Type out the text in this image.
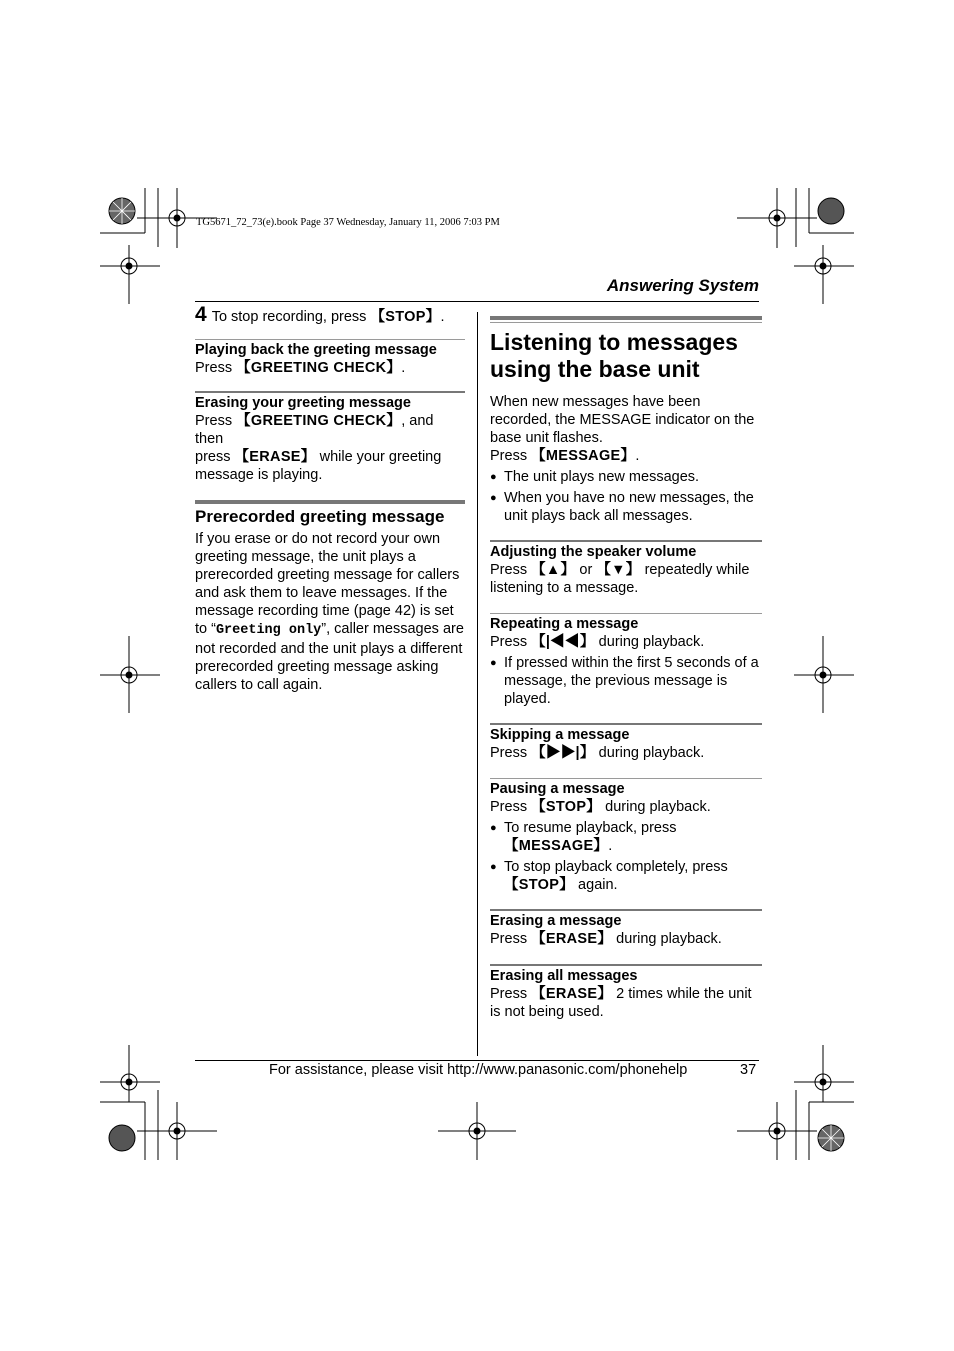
TG5671_72_73(e).book Page 37 Wednesday, January 11, 2006 7:03 PM
Answering System

4 To stop recording, press 【STOP】.

Playing back the greeting message

Press 【GREETING CHECK】.

Erasing your greeting message

Press 【GREETING CHECK】, and then
press 【ERASE】 while your greeting
message is playing.

Prerecorded greeting message

If you erase or do not record your own greeting message, the unit plays a prerecorded greeting message for callers and ask them to leave messages. If the message recording time (page 42) is set to “Greeting only”, caller messages are not recorded and the unit plays a different prerecorded greeting message asking callers to call again.

Listening to messages using the base unit

When new messages have been recorded, the MESSAGE indicator on the base unit flashes.

Press 【MESSAGE】.

● The unit plays new messages.

● When you have no new messages, the unit plays back all messages.

Adjusting the speaker volume

Press 【▲】 or 【▼】 repeatedly while listening to a message.

Repeating a message

Press 【|◀◀】 during playback.

● If pressed within the first 5 seconds of a message, the previous message is played.

Skipping a message

Press 【▶▶|】 during playback.

Pausing a message

Press 【STOP】 during playback.

● To resume playback, press
【MESSAGE】.

● To stop playback completely, press
【STOP】 again.

Erasing a message

Press 【ERASE】 during playback.

Erasing all messages

Press 【ERASE】 2 times while the unit is not being used.

For assistance, please visit http://www.panasonic.com/phonehelp	37
